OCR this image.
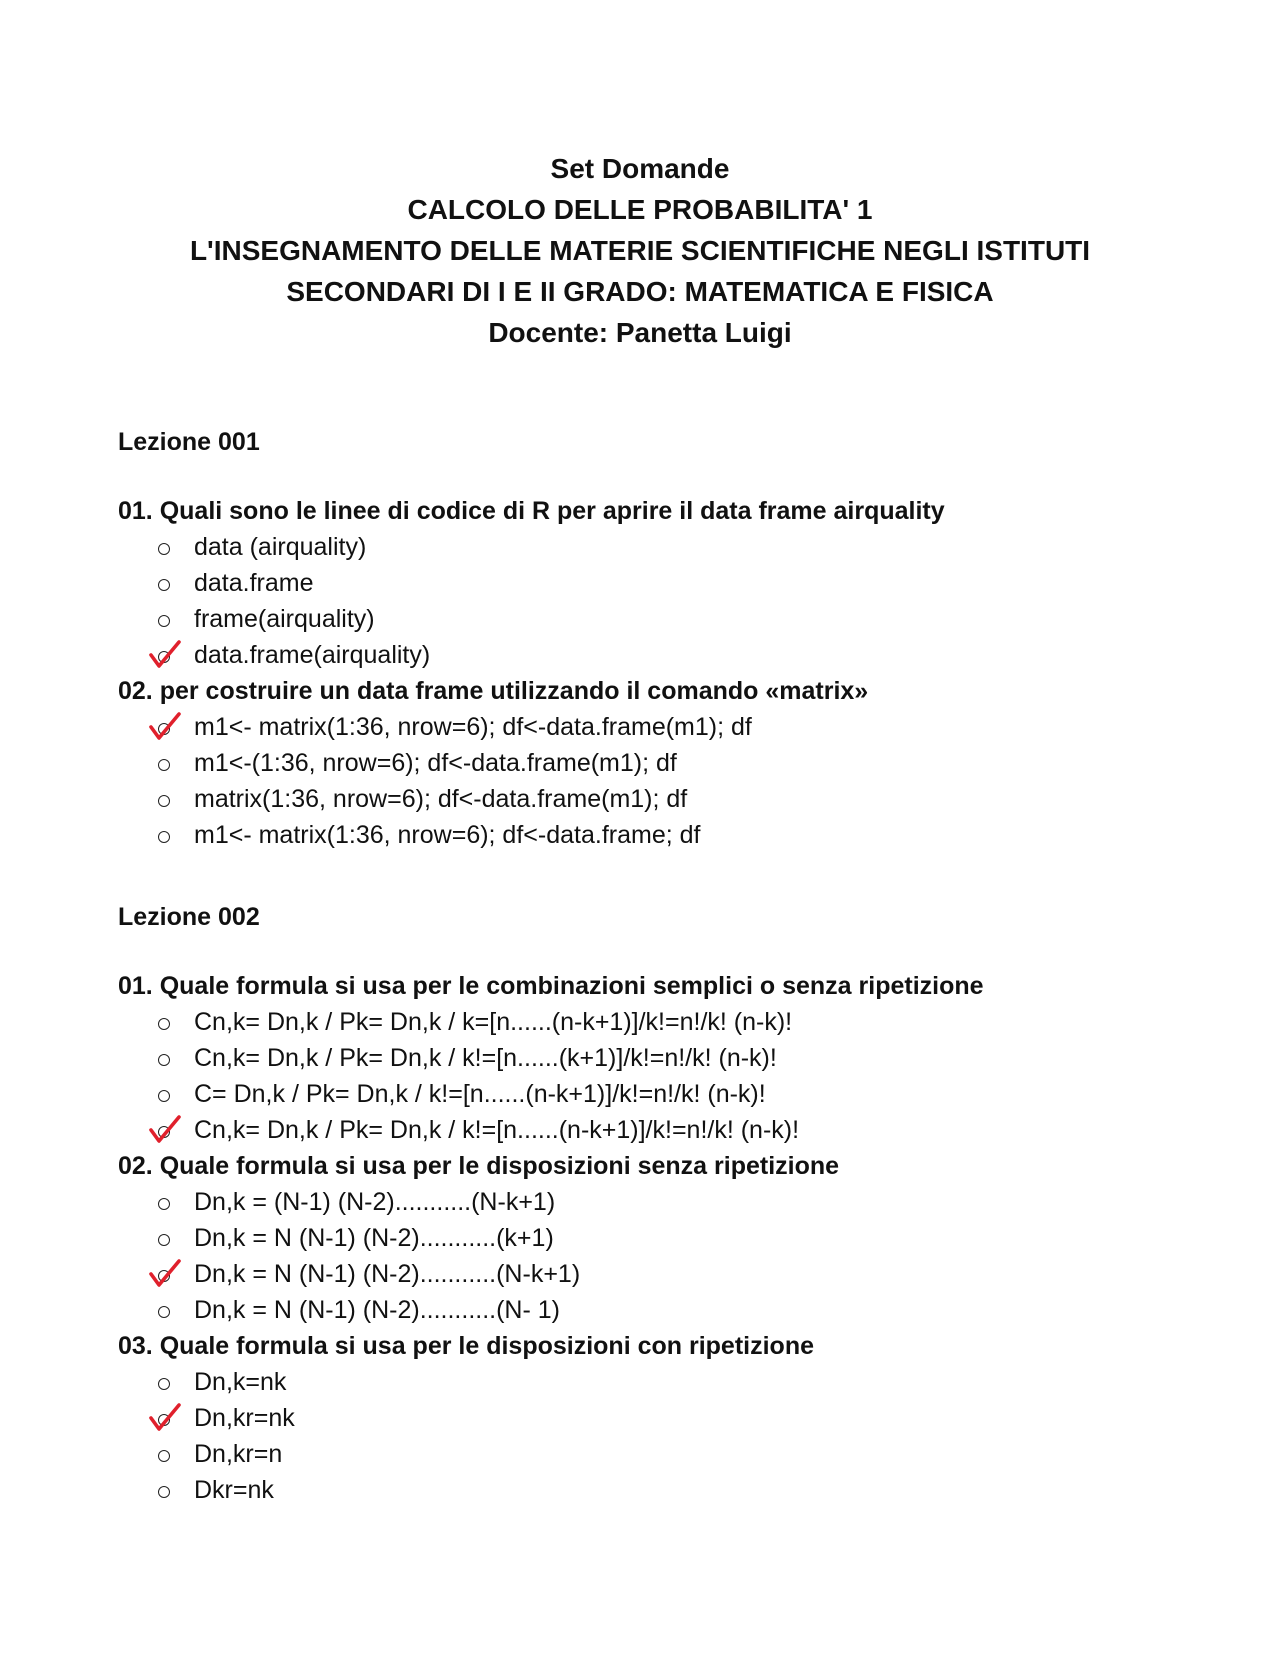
Set Domande
CALCOLO DELLE PROBABILITA' 1
L'INSEGNAMENTO DELLE MATERIE SCIENTIFICHE NEGLI ISTITUTI
SECONDARI DI I E II GRADO: MATEMATICA E FISICA
Docente: Panetta Luigi
Lezione 001
01. Quali sono le linee di codice di R per aprire il data frame airquality
data (airquality)
data.frame
frame(airquality)
data.frame(airquality)
02. per costruire un data frame utilizzando il comando «matrix»
m1<- matrix(1:36, nrow=6); df<-data.frame(m1); df
m1<-(1:36, nrow=6); df<-data.frame(m1); df
matrix(1:36, nrow=6); df<-data.frame(m1); df
m1<- matrix(1:36, nrow=6); df<-data.frame; df
Lezione 002
01. Quale formula si usa per le combinazioni semplici o senza ripetizione
Cn,k= Dn,k / Pk= Dn,k / k=[n......(n-k+1)]/k!=n!/k! (n-k)!
Cn,k= Dn,k / Pk= Dn,k / k!=[n......(k+1)]/k!=n!/k! (n-k)!
C= Dn,k / Pk= Dn,k / k!=[n......(n-k+1)]/k!=n!/k! (n-k)!
Cn,k= Dn,k / Pk= Dn,k / k!=[n......(n-k+1)]/k!=n!/k! (n-k)!
02. Quale formula si usa per le disposizioni senza ripetizione
Dn,k = (N-1) (N-2)...........(N-k+1)
Dn,k = N (N-1) (N-2)...........(k+1)
Dn,k = N (N-1) (N-2)...........(N-k+1)
Dn,k = N (N-1) (N-2)...........(N- 1)
03. Quale formula si usa per le disposizioni con ripetizione
Dn,k=nk
Dn,kr=nk
Dn,kr=n
Dkr=nk
